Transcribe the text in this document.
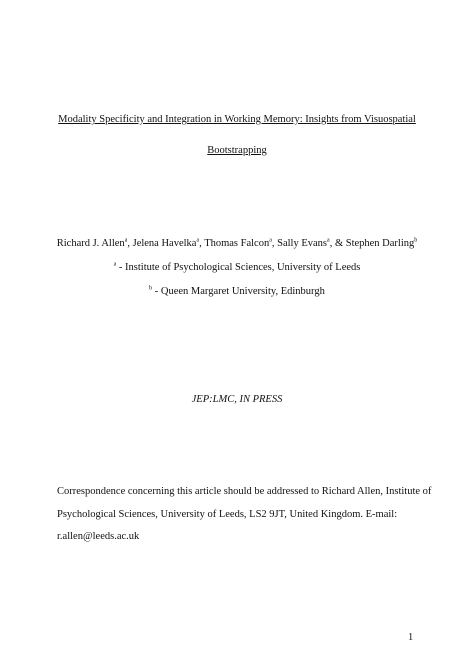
Modality Specificity and Integration in Working Memory: Insights from Visuospatial
Bootstrapping
Richard J. Allen$^a$, Jelena Havelka$^a$, Thomas Falcon$^a$, Sally Evans$^a$, & Stephen Darling$^b$
$^a$ - Institute of Psychological Sciences, University of Leeds
$^b$ - Queen Margaret University, Edinburgh
JEP:LMC, IN PRESS
Correspondence concerning this article should be addressed to Richard Allen, Institute of
Psychological Sciences, University of Leeds, LS2 9JT, United Kingdom. E-mail:
r.allen@leeds.ac.uk
1
